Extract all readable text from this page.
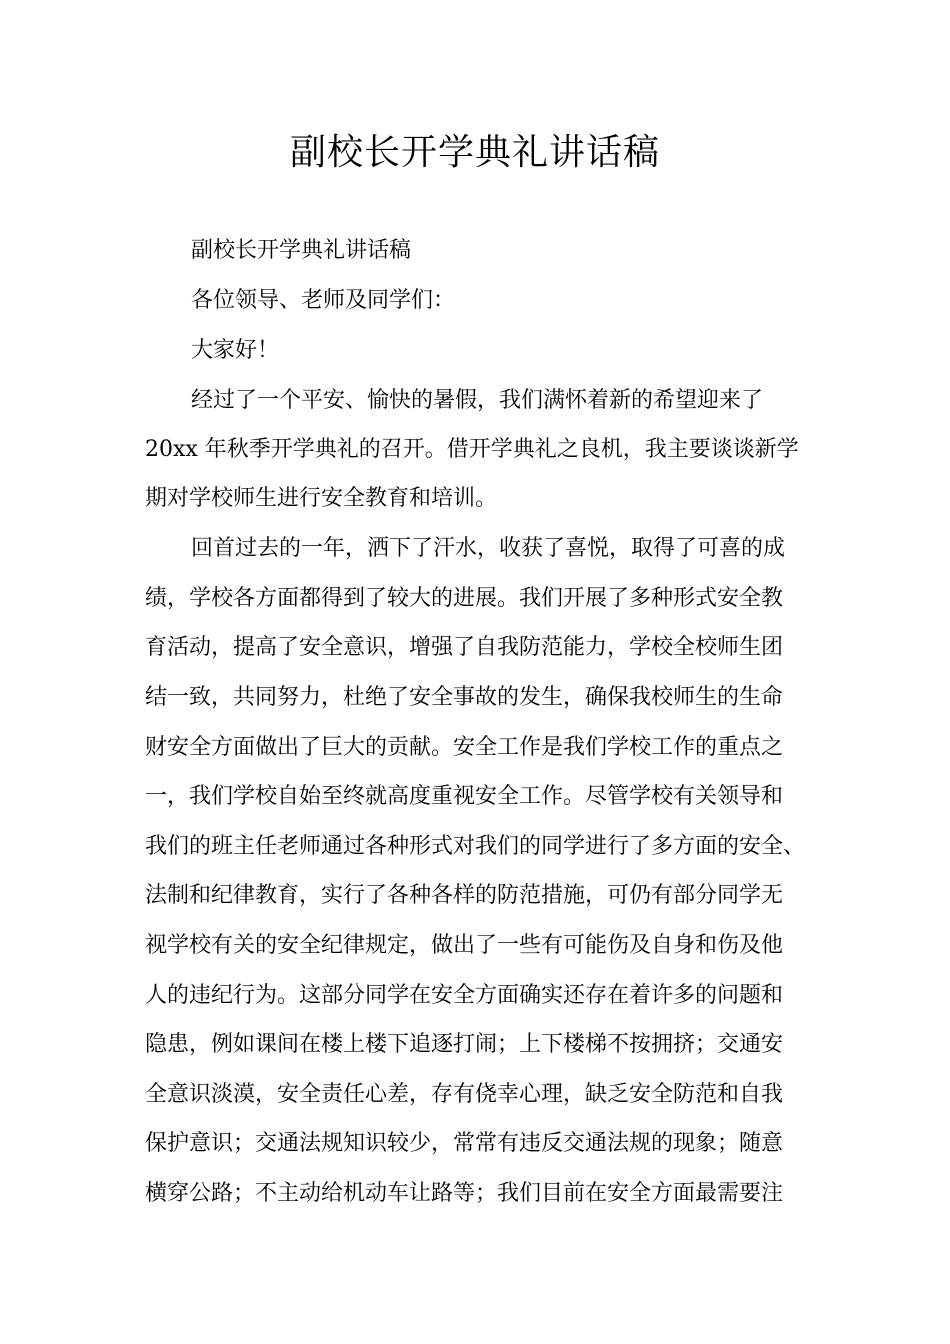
副校长开学典礼讲话稿

副校长开学典礼讲话稿

各位领导、老师及同学们：

大家好！

经过了一个平安、愉快的暑假，我们满怀着新的希望迎来了

20xx 年秋季开学典礼的召开。借开学典礼之良机，我主要谈谈新学

期对学校师生进行安全教育和培训。

回首过去的一年，洒下了汗水，收获了喜悦，取得了可喜的成

绩，学校各方面都得到了较大的进展。我们开展了多种形式安全教

育活动，提高了安全意识，增强了自我防范能力，学校全校师生团

结一致，共同努力，杜绝了安全事故的发生，确保我校师生的生命

财安全方面做出了巨大的贡献。安全工作是我们学校工作的重点之

一，我们学校自始至终就高度重视安全工作。尽管学校有关领导和

我们的班主任老师通过各种形式对我们的同学进行了多方面的安全、

法制和纪律教育，实行了各种各样的防范措施，可仍有部分同学无

视学校有关的安全纪律规定，做出了一些有可能伤及自身和伤及他

人的违纪行为。这部分同学在安全方面确实还存在着许多的问题和

隐患，例如课间在楼上楼下追逐打闹；上下楼梯不按拥挤；交通安

全意识淡漠，安全责任心差，存有侥幸心理，缺乏安全防范和自我

保护意识；交通法规知识较少，常常有违反交通法规的现象；随意

横穿公路；不主动给机动车让路等；我们目前在安全方面最需要注
